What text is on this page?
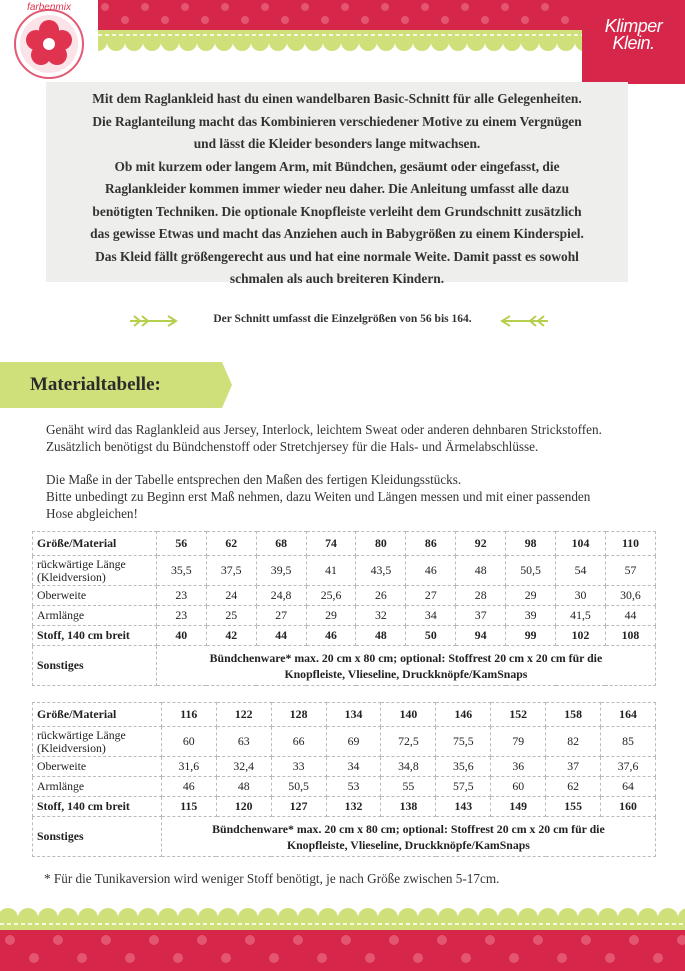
farbenmix
Klimper
Klein.
Mit dem Raglankleid hast du einen wandelbaren Basic-Schnitt für alle Gelegenheiten.
Die Raglanteilung macht das Kombinieren verschiedener Motive zu einem Vergnügen
und lässt die Kleider besonders lange mitwachsen.
Ob mit kurzem oder langem Arm, mit Bündchen, gesäumt oder eingefasst, die
Raglankleider kommen immer wieder neu daher. Die Anleitung umfasst alle dazu
benötigten Techniken. Die optionale Knopfleiste verleiht dem Grundschnitt zusätzlich
das gewisse Etwas und macht das Anziehen auch in Babygrößen zu einem Kinderspiel.
Das Kleid fällt größengerecht aus und hat eine normale Weite. Damit passt es sowohl
schmalen als auch breiteren Kindern.
Der Schnitt umfasst die Einzelgrößen von 56 bis 164.
Materialtabelle:
Genäht wird das Raglankleid aus Jersey, Interlock, leichtem Sweat oder anderen dehnbaren Strickstoffen.
Zusätzlich benötigst du Bündchenstoff oder Stretchjersey für die Hals- und Ärmelabschlüsse.
Die Maße in der Tabelle entsprechen den Maßen des fertigen Kleidungsstücks.
Bitte unbedingt zu Beginn erst Maß nehmen, dazu Weiten und Längen messen und mit einer passenden
Hose abgleichen!
Größe/Material	56	62	68	74	80	86	92	98	104	110
rückwärtige Länge
(Kleidversion)	35,5	37,5	39,5	41	43,5	46	48	50,5	54	57
Oberweite	23	24	24,8	25,6	26	27	28	29	30	30,6
Armlänge	23	25	27	29	32	34	37	39	41,5	44
Stoff, 140 cm breit	40	42	44	46	48	50	94	99	102	108
Sonstiges	Bündchenware* max. 20 cm x 80 cm; optional: Stoffrest 20 cm x 20 cm für die
Knopfleiste, Vlieseline, Druckknöpfe/KamSnaps									
Größe/Material	116	122	128	134	140	146	152	158	164
rückwärtige Länge
(Kleidversion)	60	63	66	69	72,5	75,5	79	82	85
Oberweite	31,6	32,4	33	34	34,8	35,6	36	37	37,6
Armlänge	46	48	50,5	53	55	57,5	60	62	64
Stoff, 140 cm breit	115	120	127	132	138	143	149	155	160
Sonstiges	Bündchenware* max. 20 cm x 80 cm; optional: Stoffrest 20 cm x 20 cm für die
Knopfleiste, Vlieseline, Druckknöpfe/KamSnaps								
* Für die Tunikaversion wird weniger Stoff benötigt, je nach Größe zwischen 5-17cm.
